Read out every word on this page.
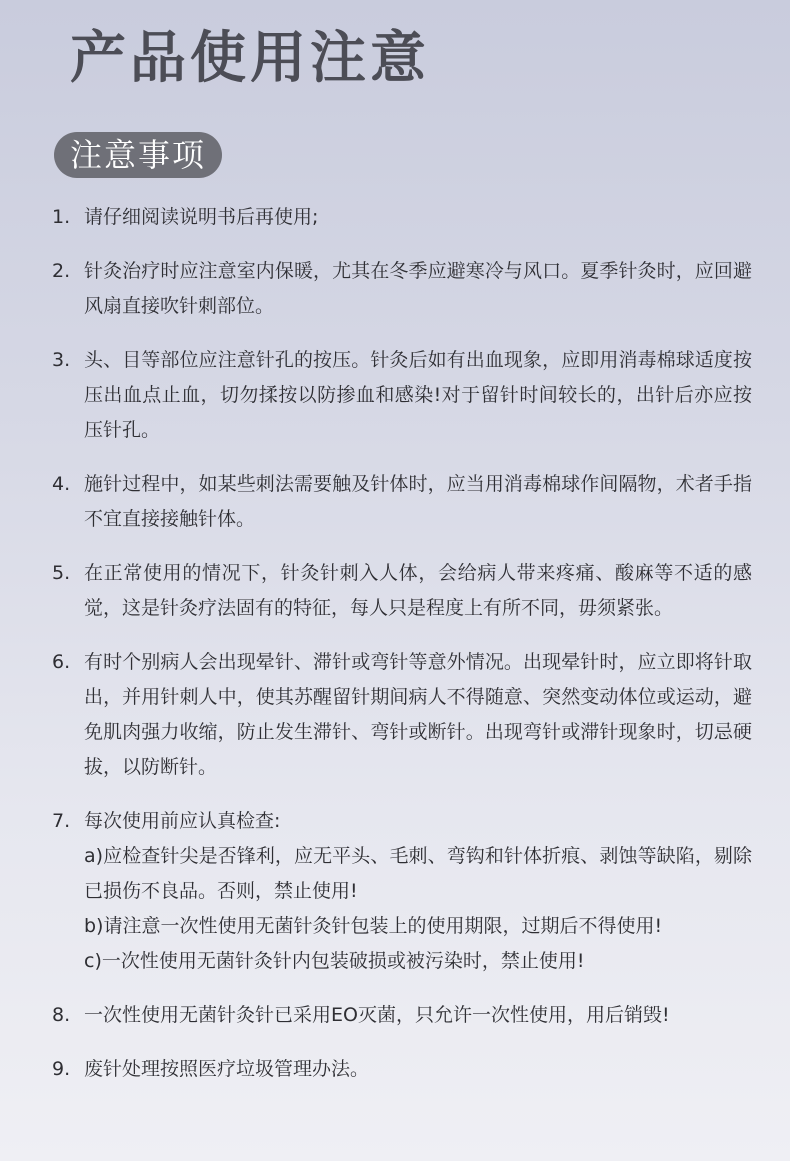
产品使用注意
注意事项
1. 请仔细阅读说明书后再使用;
2. 针灸治疗时应注意室内保暖，尤其在冬季应避寒冷与风口。夏季针灸时，应回避风扇直接吹针刺部位。
3. 头、目等部位应注意针孔的按压。针灸后如有出血现象，应即用消毒棉球适度按压出血点止血，切勿揉按以防掺血和感染!对于留针时间较长的，出针后亦应按压针孔。
4. 施针过程中，如某些刺法需要触及针体时，应当用消毒棉球作间隔物，术者手指不宜直接接触针体。
5. 在正常使用的情况下，针灸针刺入人体，会给病人带来疼痛、酸麻等不适的感觉，这是针灸疗法固有的特征，每人只是程度上有所不同，毋须紧张。
6. 有时个别病人会出现晕针、滞针或弯针等意外情况。出现晕针时，应立即将针取出，并用针刺人中，使其苏醒留针期间病人不得随意、突然变动体位或运动，避免肌肉强力收缩，防止发生滞针、弯针或断针。出现弯针或滞针现象时，切忌硬拔，以防断针。
7. 每次使用前应认真检查:
a)应检查针尖是否锋利，应无平头、毛刺、弯钩和针体折痕、剥蚀等缺陷，剔除已损伤不良品。否则，禁止使用!
b)请注意一次性使用无菌针灸针包装上的使用期限，过期后不得使用!
c)一次性使用无菌针灸针内包装破损或被污染时，禁止使用!
8. 一次性使用无菌针灸针已采用EO灭菌，只允许一次性使用，用后销毁!
9. 废针处理按照医疗垃圾管理办法。
